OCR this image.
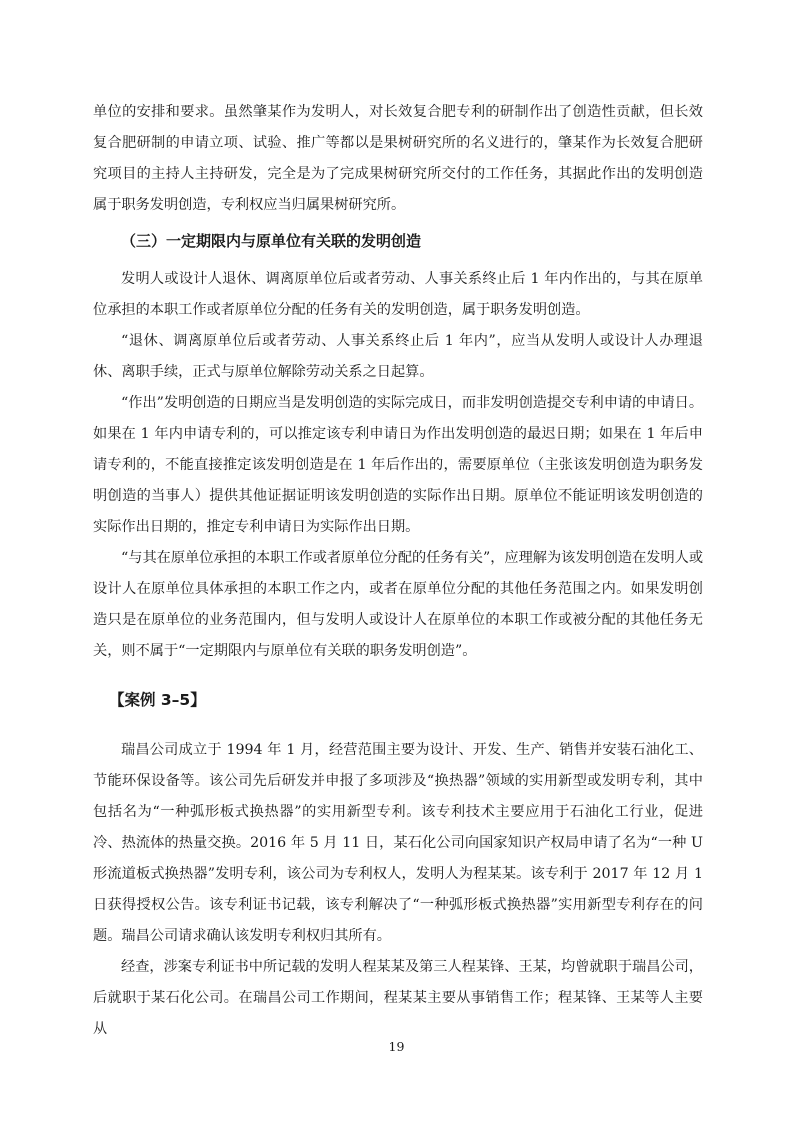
单位的安排和要求。虽然肇某作为发明人，对长效复合肥专利的研制作出了创造性贡献，但长效复合肥研制的申请立项、试验、推广等都以是果树研究所的名义进行的，肇某作为长效复合肥研究项目的主持人主持研发，完全是为了完成果树研究所交付的工作任务，其据此作出的发明创造属于职务发明创造，专利权应当归属果树研究所。

（三）一定期限内与原单位有关联的发明创造

发明人或设计人退休、调离原单位后或者劳动、人事关系终止后 1 年内作出的，与其在原单位承担的本职工作或者原单位分配的任务有关的发明创造，属于职务发明创造。

“退休、调离原单位后或者劳动、人事关系终止后 1 年内”，应当从发明人或设计人办理退休、离职手续，正式与原单位解除劳动关系之日起算。

“作出”发明创造的日期应当是发明创造的实际完成日，而非发明创造提交专利申请的申请日。如果在 1 年内申请专利的，可以推定该专利申请日为作出发明创造的最迟日期；如果在 1 年后申请专利的，不能直接推定该发明创造是在 1 年后作出的，需要原单位（主张该发明创造为职务发明创造的当事人）提供其他证据证明该发明创造的实际作出日期。原单位不能证明该发明创造的实际作出日期的，推定专利申请日为实际作出日期。

“与其在原单位承担的本职工作或者原单位分配的任务有关”，应理解为该发明创造在发明人或设计人在原单位具体承担的本职工作之内，或者在原单位分配的其他任务范围之内。如果发明创造只是在原单位的业务范围内，但与发明人或设计人在原单位的本职工作或被分配的其他任务无关，则不属于“一定期限内与原单位有关联的职务发明创造”。

【案例 3–5】

瑞昌公司成立于 1994 年 1 月，经营范围主要为设计、开发、生产、销售并安装石油化工、节能环保设备等。该公司先后研发并申报了多项涉及“换热器”领域的实用新型或发明专利，其中包括名为“一种弧形板式换热器”的实用新型专利。该专利技术主要应用于石油化工行业，促进冷、热流体的热量交换。2016 年 5 月 11 日，某石化公司向国家知识产权局申请了名为“一种 U 形流道板式换热器”发明专利，该公司为专利权人，发明人为程某某。该专利于 2017 年 12 月 1 日获得授权公告。该专利证书记载，该专利解决了“一种弧形板式换热器”实用新型专利存在的问题。瑞昌公司请求确认该发明专利权归其所有。

经查，涉案专利证书中所记载的发明人程某某及第三人程某锋、王某，均曾就职于瑞昌公司，后就职于某石化公司。在瑞昌公司工作期间，程某某主要从事销售工作；程某锋、王某等人主要从

19
